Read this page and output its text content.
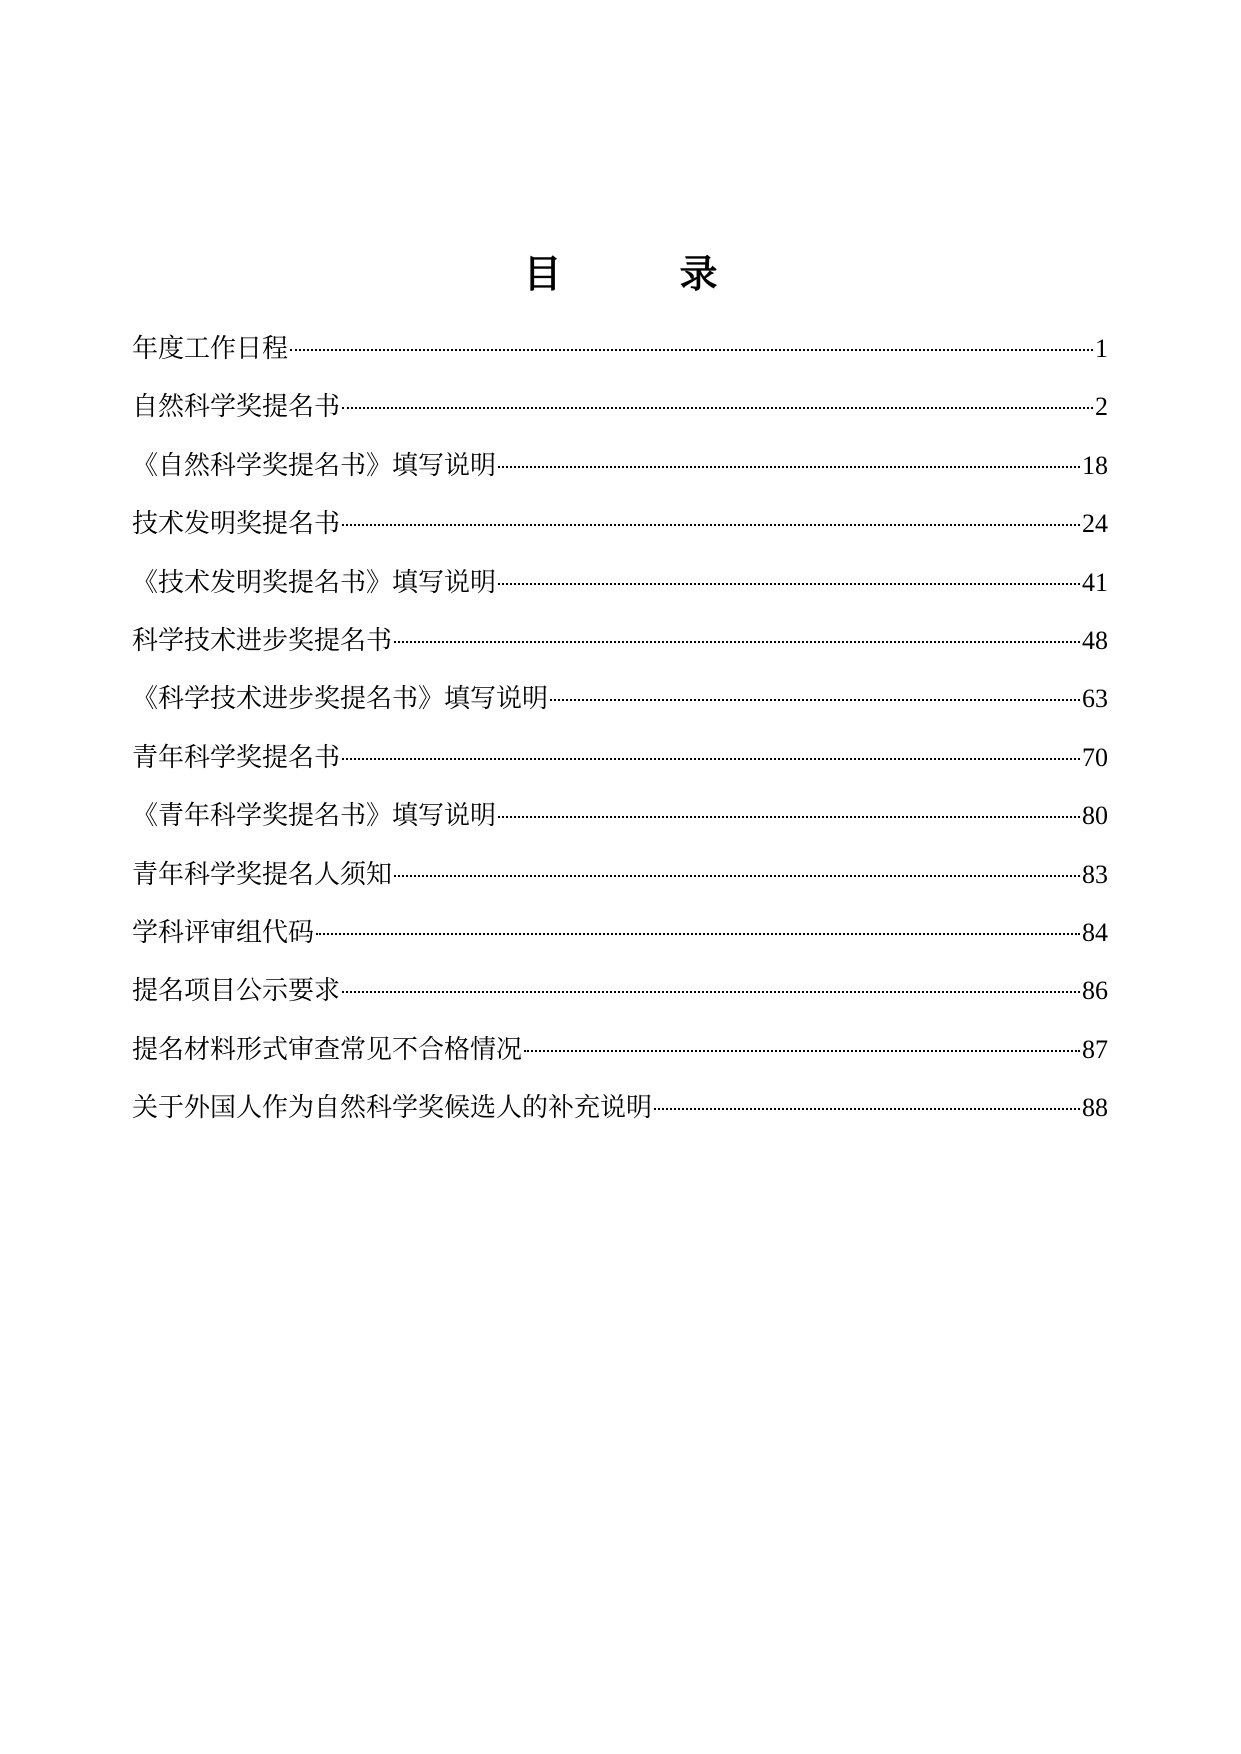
目　录
年度工作日程	1
自然科学奖提名书	2
《自然科学奖提名书》填写说明	18
技术发明奖提名书	24
《技术发明奖提名书》填写说明	41
科学技术进步奖提名书	48
《科学技术进步奖提名书》填写说明	63
青年科学奖提名书	70
《青年科学奖提名书》填写说明	80
青年科学奖提名人须知	83
学科评审组代码	84
提名项目公示要求	86
提名材料形式审查常见不合格情况	87
关于外国人作为自然科学奖候选人的补充说明	88
